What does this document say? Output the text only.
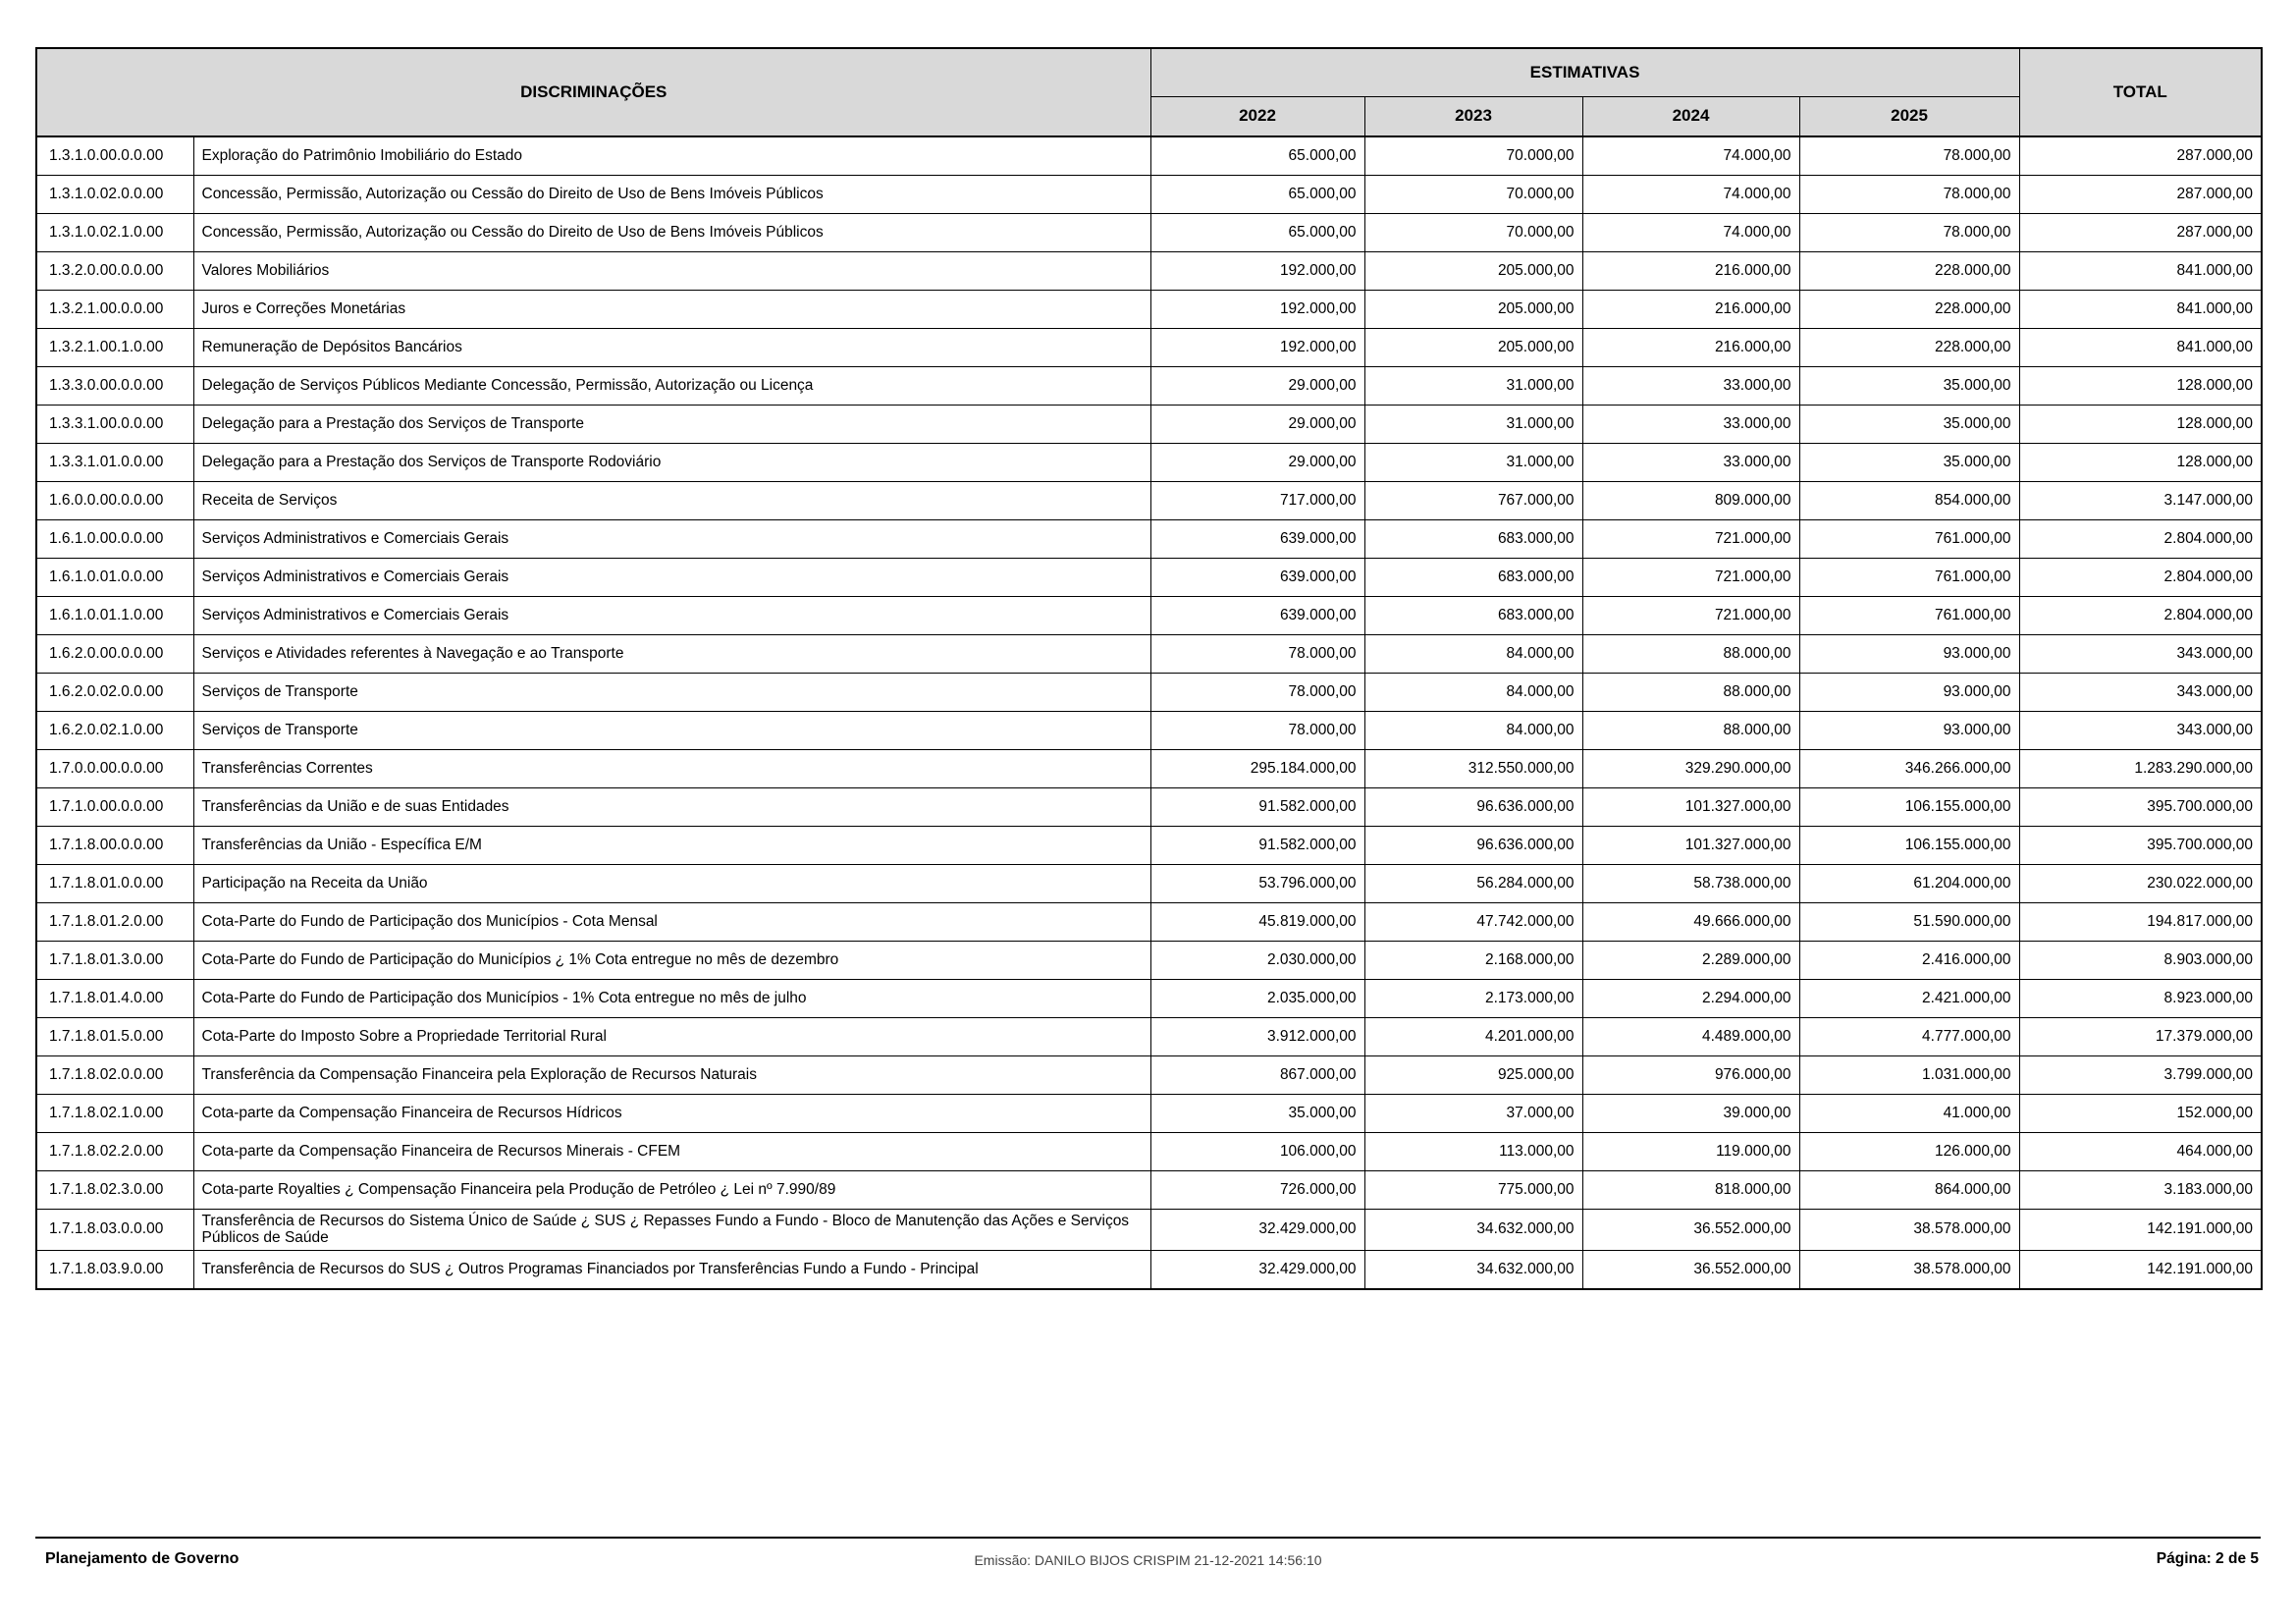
DISCRIMINAÇÕES		ESTIMATIVAS				TOTAL
		2022	2023	2024	2025	
1.3.1.0.00.0.0.00	Exploração do Patrimônio Imobiliário do Estado	65.000,00	70.000,00	74.000,00	78.000,00	287.000,00
1.3.1.0.02.0.0.00	Concessão, Permissão, Autorização ou Cessão do Direito de Uso de Bens Imóveis Públicos	65.000,00	70.000,00	74.000,00	78.000,00	287.000,00
1.3.1.0.02.1.0.00	Concessão, Permissão, Autorização ou Cessão do Direito de Uso de Bens Imóveis Públicos	65.000,00	70.000,00	74.000,00	78.000,00	287.000,00
1.3.2.0.00.0.0.00	Valores Mobiliários	192.000,00	205.000,00	216.000,00	228.000,00	841.000,00
1.3.2.1.00.0.0.00	Juros e Correções Monetárias	192.000,00	205.000,00	216.000,00	228.000,00	841.000,00
1.3.2.1.00.1.0.00	Remuneração de Depósitos Bancários	192.000,00	205.000,00	216.000,00	228.000,00	841.000,00
1.3.3.0.00.0.0.00	Delegação de Serviços Públicos Mediante Concessão, Permissão, Autorização ou Licença	29.000,00	31.000,00	33.000,00	35.000,00	128.000,00
1.3.3.1.00.0.0.00	Delegação para a Prestação dos Serviços de Transporte	29.000,00	31.000,00	33.000,00	35.000,00	128.000,00
1.3.3.1.01.0.0.00	Delegação para a Prestação dos Serviços de Transporte Rodoviário	29.000,00	31.000,00	33.000,00	35.000,00	128.000,00
1.6.0.0.00.0.0.00	Receita de Serviços	717.000,00	767.000,00	809.000,00	854.000,00	3.147.000,00
1.6.1.0.00.0.0.00	Serviços Administrativos e Comerciais Gerais	639.000,00	683.000,00	721.000,00	761.000,00	2.804.000,00
1.6.1.0.01.0.0.00	Serviços Administrativos e Comerciais Gerais	639.000,00	683.000,00	721.000,00	761.000,00	2.804.000,00
1.6.1.0.01.1.0.00	Serviços Administrativos e Comerciais Gerais	639.000,00	683.000,00	721.000,00	761.000,00	2.804.000,00
1.6.2.0.00.0.0.00	Serviços e Atividades referentes à Navegação e ao Transporte	78.000,00	84.000,00	88.000,00	93.000,00	343.000,00
1.6.2.0.02.0.0.00	Serviços de Transporte	78.000,00	84.000,00	88.000,00	93.000,00	343.000,00
1.6.2.0.02.1.0.00	Serviços de Transporte	78.000,00	84.000,00	88.000,00	93.000,00	343.000,00
1.7.0.0.00.0.0.00	Transferências Correntes	295.184.000,00	312.550.000,00	329.290.000,00	346.266.000,00	1.283.290.000,00
1.7.1.0.00.0.0.00	Transferências da União e de suas Entidades	91.582.000,00	96.636.000,00	101.327.000,00	106.155.000,00	395.700.000,00
1.7.1.8.00.0.0.00	Transferências da União - Específica E/M	91.582.000,00	96.636.000,00	101.327.000,00	106.155.000,00	395.700.000,00
1.7.1.8.01.0.0.00	Participação na Receita da União	53.796.000,00	56.284.000,00	58.738.000,00	61.204.000,00	230.022.000,00
1.7.1.8.01.2.0.00	Cota-Parte do Fundo de Participação dos Municípios - Cota Mensal	45.819.000,00	47.742.000,00	49.666.000,00	51.590.000,00	194.817.000,00
1.7.1.8.01.3.0.00	Cota-Parte do Fundo de Participação do Municípios ¿ 1% Cota entregue no mês de dezembro	2.030.000,00	2.168.000,00	2.289.000,00	2.416.000,00	8.903.000,00
1.7.1.8.01.4.0.00	Cota-Parte do Fundo de Participação dos Municípios - 1% Cota entregue no mês de julho	2.035.000,00	2.173.000,00	2.294.000,00	2.421.000,00	8.923.000,00
1.7.1.8.01.5.0.00	Cota-Parte do Imposto Sobre a Propriedade Territorial Rural	3.912.000,00	4.201.000,00	4.489.000,00	4.777.000,00	17.379.000,00
1.7.1.8.02.0.0.00	Transferência da Compensação Financeira pela Exploração de Recursos Naturais	867.000,00	925.000,00	976.000,00	1.031.000,00	3.799.000,00
1.7.1.8.02.1.0.00	Cota-parte da Compensação Financeira de Recursos Hídricos	35.000,00	37.000,00	39.000,00	41.000,00	152.000,00
1.7.1.8.02.2.0.00	Cota-parte da Compensação Financeira de Recursos Minerais - CFEM	106.000,00	113.000,00	119.000,00	126.000,00	464.000,00
1.7.1.8.02.3.0.00	Cota-parte Royalties ¿ Compensação Financeira pela Produção de Petróleo ¿ Lei nº 7.990/89	726.000,00	775.000,00	818.000,00	864.000,00	3.183.000,00
1.7.1.8.03.0.0.00	Transferência de Recursos do Sistema Único de Saúde ¿ SUS ¿ Repasses Fundo a Fundo - Bloco de Manutenção das Ações e Serviços Públicos de Saúde	32.429.000,00	34.632.000,00	36.552.000,00	38.578.000,00	142.191.000,00
1.7.1.8.03.9.0.00	Transferência de Recursos do SUS ¿ Outros Programas Financiados por Transferências Fundo a Fundo - Principal	32.429.000,00	34.632.000,00	36.552.000,00	38.578.000,00	142.191.000,00
Planejamento de Governo	Emissão: DANILO BIJOS CRISPIM 21-12-2021 14:56:10	Página: 2 de 5
